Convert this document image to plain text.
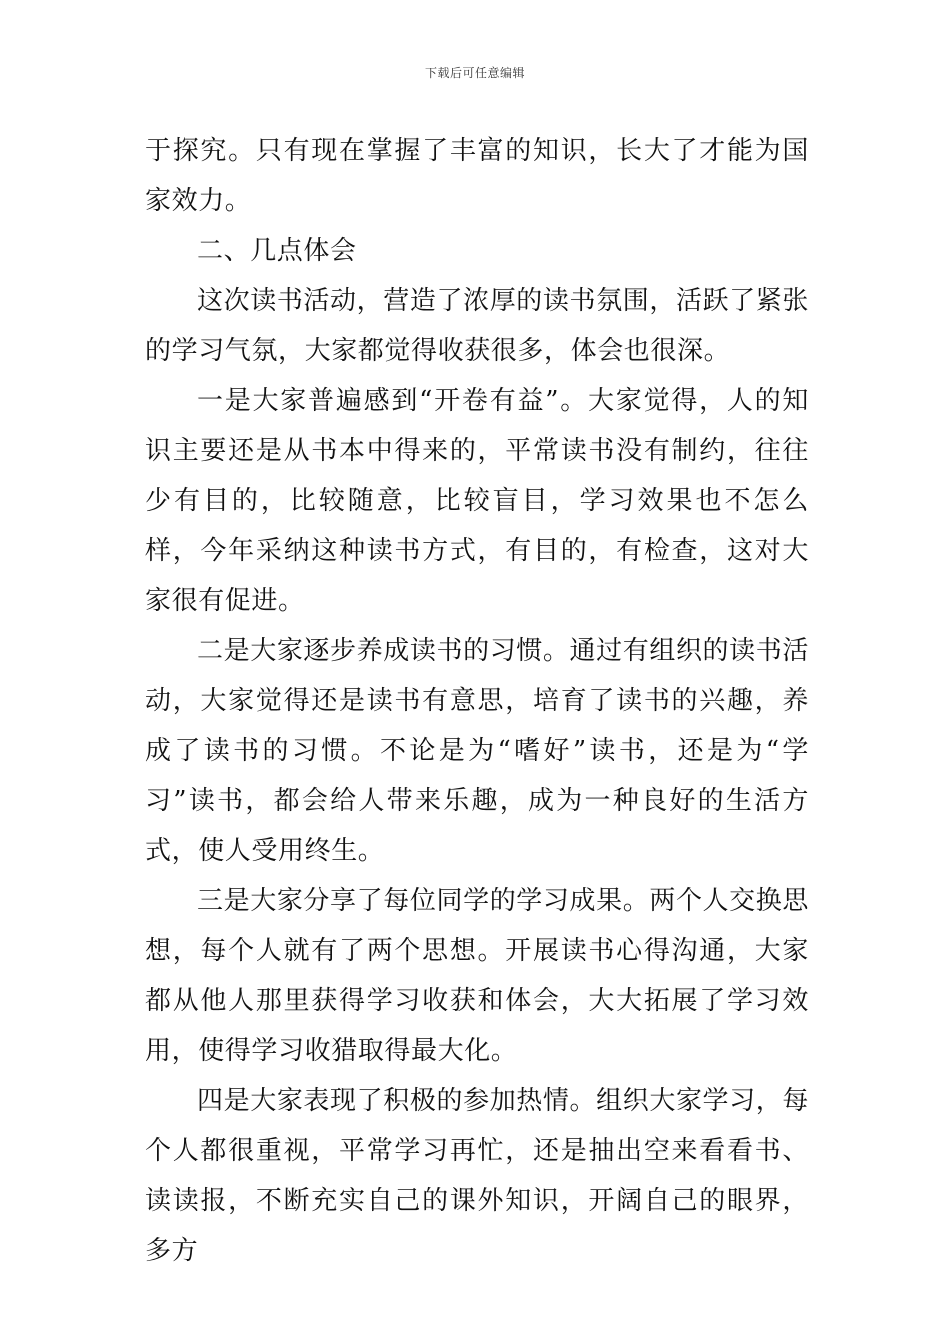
下载后可任意编辑

于探究。只有现在掌握了丰富的知识，长大了才能为国家效力。

二、几点体会

这次读书活动，营造了浓厚的读书氛围，活跃了紧张的学习气氛，大家都觉得收获很多，体会也很深。

一是大家普遍感到“开卷有益”。大家觉得，人的知识主要还是从书本中得来的，平常读书没有制约，往往少有目的，比较随意，比较盲目，学习效果也不怎么样，今年采纳这种读书方式，有目的，有检查，这对大家很有促进。

二是大家逐步养成读书的习惯。通过有组织的读书活动，大家觉得还是读书有意思，培育了读书的兴趣，养成了读书的习惯。不论是为“嗜好”读书，还是为“学习”读书，都会给人带来乐趣，成为一种良好的生活方式，使人受用终生。

三是大家分享了每位同学的学习成果。两个人交换思想，每个人就有了两个思想。开展读书心得沟通，大家都从他人那里获得学习收获和体会，大大拓展了学习效用，使得学习收猎取得最大化。

四是大家表现了积极的参加热情。组织大家学习，每个人都很重视，平常学习再忙，还是抽出空来看看书、读读报，不断充实自己的课外知识，开阔自己的眼界，多方
